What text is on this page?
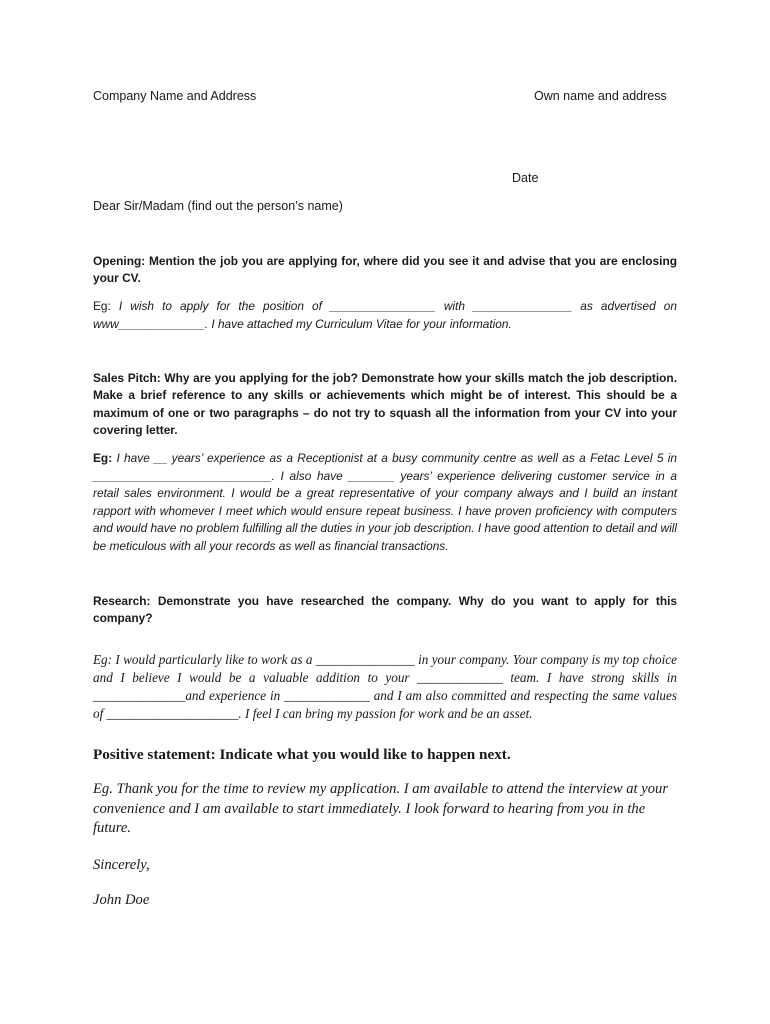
Company Name and Address	Own name and address
Date
Dear Sir/Madam (find out the person’s name)

Opening: Mention the job you are applying for, where did you see it and advise that you are enclosing your CV.

Eg: I wish to apply for the position of ________________ with _______________ as advertised on www_____________. I have attached my Curriculum Vitae for your information.

Sales Pitch: Why are you applying for the job? Demonstrate how your skills match the job description. Make a brief reference to any skills or achievements which might be of interest. This should be a maximum of one or two paragraphs – do not try to squash all the information from your CV into your covering letter.

Eg: I have __ years’ experience as a Receptionist at a busy community centre as well as a Fetac Level 5 in ___________________________. I also have _______ years’ experience delivering customer service in a retail sales environment. I would be a great representative of your company always and I build an instant rapport with whomever I meet which would ensure repeat business. I have proven proficiency with computers and would have no problem fulfilling all the duties in your job description. I have good attention to detail and will be meticulous with all your records as well as financial transactions.

Research: Demonstrate you have researched the company. Why do you want to apply for this company?

Eg: I would particularly like to work as a _______________ in your company. Your company is my top choice and I believe I would be a valuable addition to your _____________ team. I have strong skills in ______________and experience in _____________ and I am also committed and respecting the same values of ____________________. I feel I can bring my passion for work and be an asset.

Positive statement: Indicate what you would like to happen next.

Eg. Thank you for the time to review my application. I am available to attend the interview at your convenience and I am available to start immediately. I look forward to hearing from you in the future.

Sincerely,
John Doe
